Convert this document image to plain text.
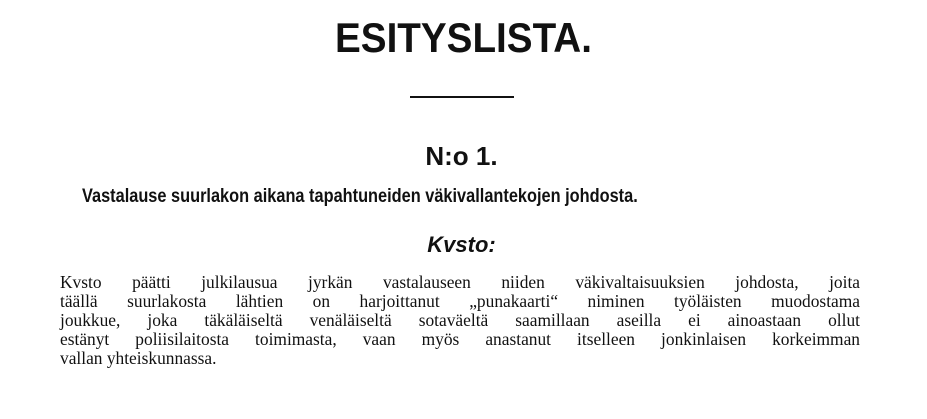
ESITYSLISTA.
N:o 1.
Vastalause suurlakon aikana tapahtuneiden väkivallantekojen johdosta.
Kvsto:
Kvsto päätti julkilausua jyrkän vastalauseen niiden väkivaltaisuuksien johdosta, joita
täällä suurlakosta lähtien on harjoittanut „punakaarti“ niminen työläisten muodostama
joukkue, joka täkäläiseltä venäläiseltä sotaväeltä saamillaan aseilla ei ainoastaan ollut
estänyt poliisilaitosta toimimasta, vaan myös anastanut itselleen jonkinlaisen korkeimman
vallan yhteiskunnassa.
